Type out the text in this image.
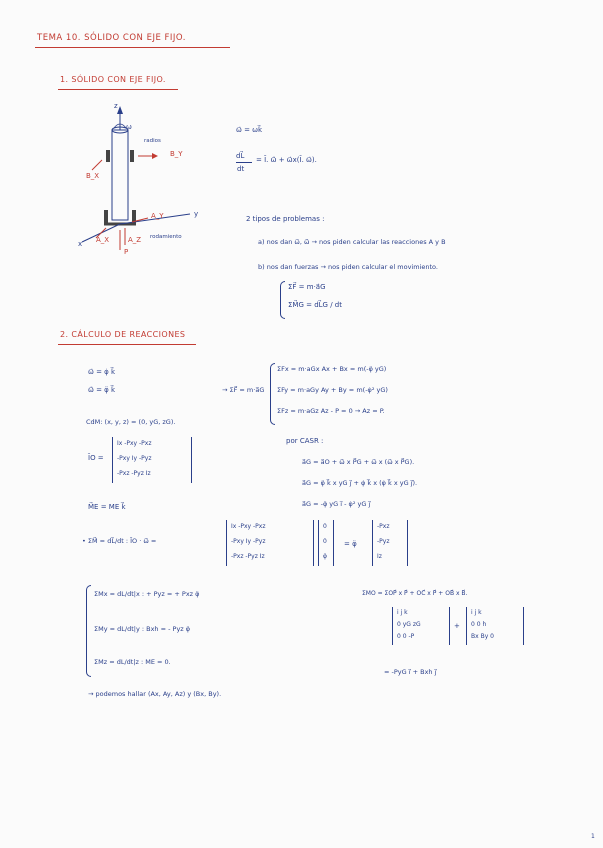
TEMA 10. SÓLIDO CON EJE FIJO.
1. SÓLIDO CON EJE FIJO.
z
ω
radios
B_Y
B_X
A_Y
A_X	A_Z
P
y
x
rodamiento
ω⃗ = ωk⃗
dL⃗
dt
= Ĩ. ω̇⃗ + ω⃗x(Ĩ. ω⃗).
2 tipos de problemas :
a) nos dan ω⃗, ω̇⃗ → nos piden calcular las reacciones A y B
b) nos dan fuerzas → nos piden calcular el movimiento.
ΣF⃗ = m·a⃗G
ΣM⃗G = dL⃗G / dt
2. CÁLCULO DE REACCIONES
ω⃗ = φ̇ k⃗
ω̇⃗ = φ̈ k⃗	→ ΣF⃗ = m·a⃗G
ΣFx = m·aGx Ax + Bx = m(-φ̈ yG)
ΣFy = m·aGy Ay + By = m(-φ̇² yG)
ΣFz = m·aGz Az - P = 0 → Az = P.
CdM: (x, y, z) = (0, yG, zG).
ĨO =
Ix -Pxy -Pxz
-Pxy Iy -Pyz
-Pxz -Pyz Iz
M⃗E = ME k⃗
por CASR :
a⃗G = a⃗O + ω̇⃗ x P⃗G + ω⃗ x (ω⃗ x P⃗G).
a⃗G = φ̈ k⃗ x yG j⃗ + φ̇ k⃗ x (φ̇ k⃗ x yG j⃗).
a⃗G = -φ̈ yG i⃗ - φ̇² yG j⃗
• ΣM⃗ = dL⃗/dt : ĨO · ω̇⃗ =
Ix -Pxy -Pxz
-Pxy Iy -Pyz
-Pxz -Pyz Iz
0
0
φ̈
= φ̈
-Pxz
-Pyz
Iz
ΣMx = dL/dt|x : + Pyz = + Pxz φ̈
ΣMy = dL/dt|y : Bxh = - Pyz φ̈
ΣMz = dL/dt|z : ME = 0.
ΣMO = ΣOP⃗ x P⃗ + OC⃗ x P⃗ + OB⃗ x B⃗.
i j k
0 yG zG
0 0 -P
+
i j k
0 0 h
Bx By 0
= -PyG i⃗ + Bxh j⃗
→ podemos hallar (Ax, Ay, Az) y (Bx, By).
1
